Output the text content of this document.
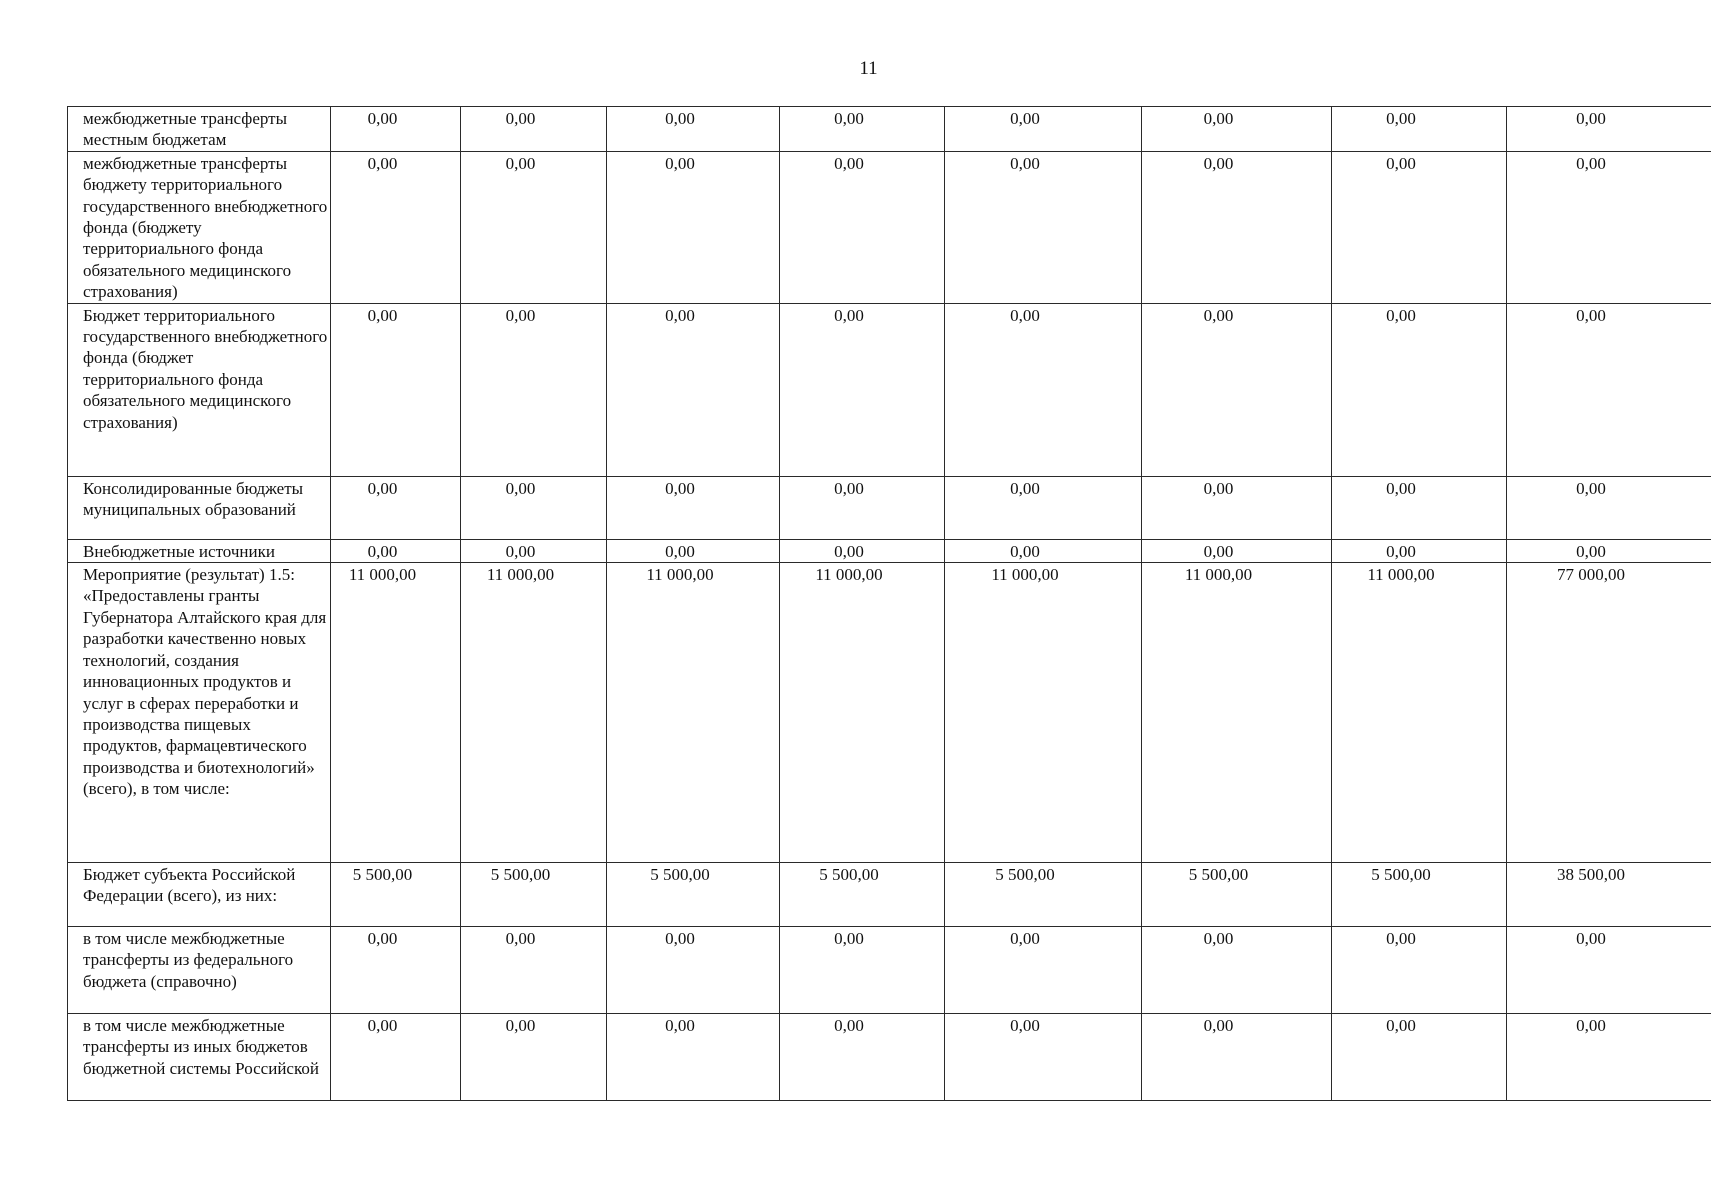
11
межбюджетные трансферты местным бюджетам	0,00	0,00	0,00	0,00	0,00	0,00	0,00	0,00
межбюджетные трансферты бюджету территориального государственного внебюджетного фонда (бюджету территориального фонда обязательного медицинского страхования)	0,00	0,00	0,00	0,00	0,00	0,00	0,00	0,00
Бюджет территориального государственного внебюджетного фонда (бюджет территориального фонда обязательного медицинского страхования)	0,00	0,00	0,00	0,00	0,00	0,00	0,00	0,00
Консолидированные бюджеты муниципальных образований	0,00	0,00	0,00	0,00	0,00	0,00	0,00	0,00
Внебюджетные источники	0,00	0,00	0,00	0,00	0,00	0,00	0,00	0,00
Мероприятие (результат) 1.5: «Предоставлены гранты Губернатора Алтайского края для разработки качественно новых технологий, создания инновационных продуктов и услуг в сферах переработки и производства пищевых продуктов, фармацевтического производства и биотехнологий» (всего), в том числе:	11 000,00	11 000,00	11 000,00	11 000,00	11 000,00	11 000,00	11 000,00	77 000,00
Бюджет субъекта Российской Федерации (всего), из них:	5 500,00	5 500,00	5 500,00	5 500,00	5 500,00	5 500,00	5 500,00	38 500,00
в том числе межбюджетные трансферты из федерального бюджета (справочно)	0,00	0,00	0,00	0,00	0,00	0,00	0,00	0,00
в том числе межбюджетные трансферты из иных бюджетов бюджетной системы Российской	0,00	0,00	0,00	0,00	0,00	0,00	0,00	0,00
